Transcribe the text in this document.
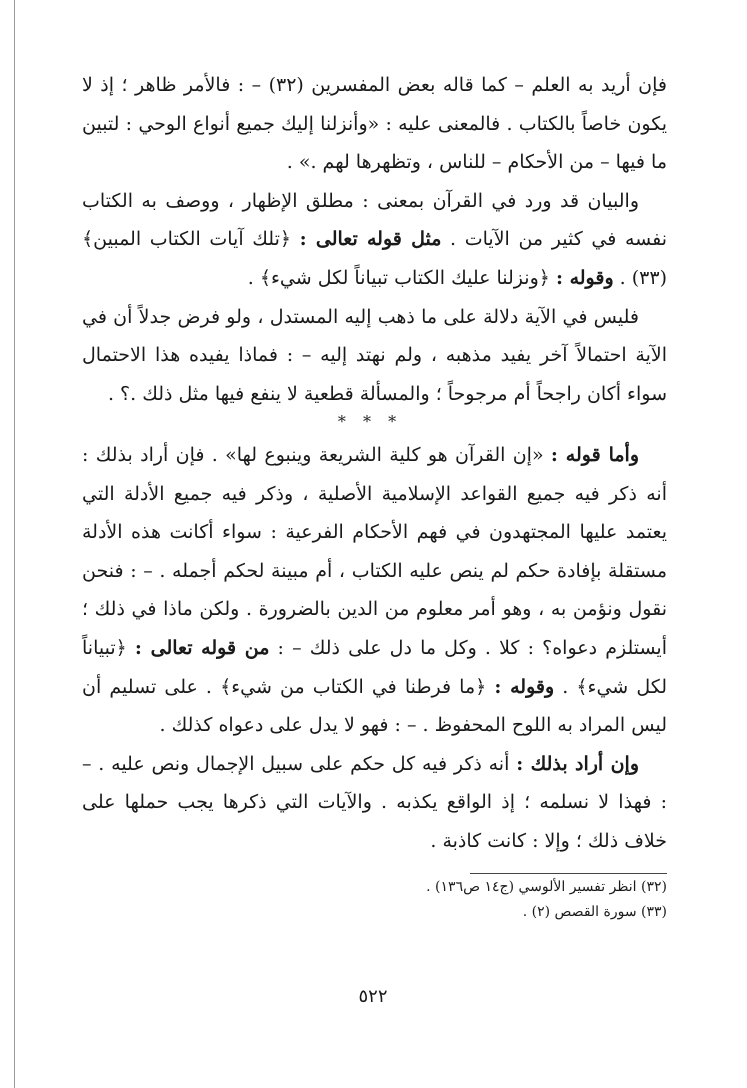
فإن أريد به العلم – كما قاله بعض المفسرين (٣٢) – : فالأمر ظاهر ؛ إذ لا يكون خاصاً بالكتاب . فالمعنى عليه : «وأنزلنا إليك جميع أنواع الوحي : لتبين ما فيها – من الأحكام – للناس ، وتظهرها لهم .» .

والبيان قد ورد في القرآن بمعنى : مطلق الإظهار ، ووصف به الكتاب نفسه في كثير من الآيات . مثل قوله تعالى : ﴿تلك آيات الكتاب المبين﴾ (٣٣) . وقوله : ﴿ونزلنا عليك الكتاب تبياناً لكل شيء﴾ .

فليس في الآية دلالة على ما ذهب إليه المستدل ، ولو فرض جدلاً أن في الآية احتمالاً آخر يفيد مذهبه ، ولم نهتد إليه – : فماذا يفيده هذا الاحتمال سواء أكان راجحاً أم مرجوحاً ؛ والمسألة قطعية لا ينفع فيها مثل ذلك .؟ .

* * *

وأما قوله : «إن القرآن هو كلية الشريعة وينبوع لها» . فإن أراد بذلك : أنه ذكر فيه جميع القواعد الإسلامية الأصلية ، وذكر فيه جميع الأدلة التي يعتمد عليها المجتهدون في فهم الأحكام الفرعية : سواء أكانت هذه الأدلة مستقلة بإفادة حكم لم ينص عليه الكتاب ، أم مبينة لحكم أجمله . – : فنحن نقول ونؤمن به ، وهو أمر معلوم من الدين بالضرورة . ولكن ماذا في ذلك ؛ أيستلزم دعواه؟ : كلا . وكل ما دل على ذلك – : من قوله تعالى : ﴿تبياناً لكل شيء﴾ . وقوله : ﴿ما فرطنا في الكتاب من شيء﴾ . على تسليم أن ليس المراد به اللوح المحفوظ . – : فهو لا يدل على دعواه كذلك .

وإن أراد بذلك : أنه ذكر فيه كل حكم على سبيل الإجمال ونص عليه . – : فهذا لا نسلمه ؛ إذ الواقع يكذبه . والآيات التي ذكرها يجب حملها على خلاف ذلك ؛ وإلا : كانت كاذبة .

(٣٢) انظر تفسير الألوسي (ج١٤ ص١٣٦) .
(٣٣) سورة القصص (٢) .
٥٢٢
